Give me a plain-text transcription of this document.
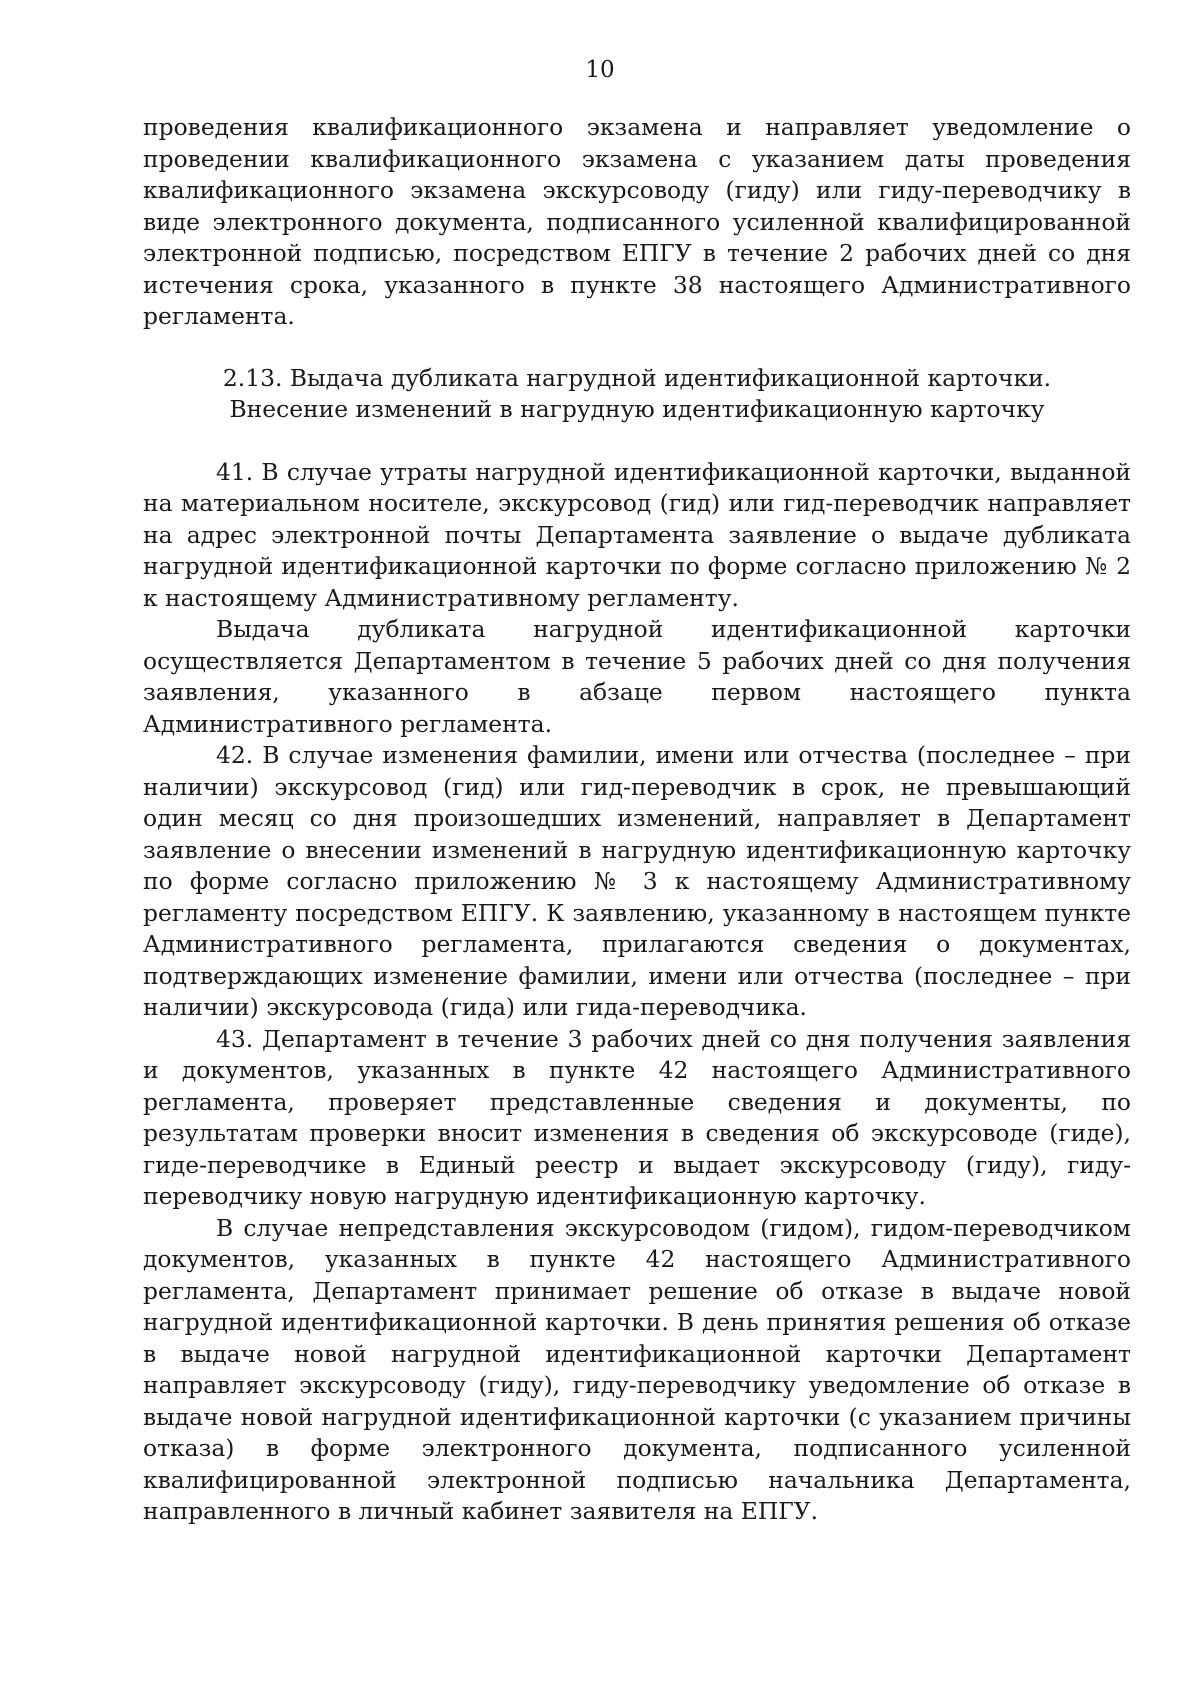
10

проведения квалификационного экзамена и направляет уведомление о проведении квалификационного экзамена с указанием даты проведения квалификационного экзамена экскурсоводу (гиду) или гиду-переводчику в виде электронного документа, подписанного усиленной квалифицированной электронной подписью, посредством ЕПГУ в течение 2 рабочих дней со дня истечения срока, указанного в пункте 38 настоящего Административного регламента.

2.13. Выдача дубликата нагрудной идентификационной карточки.
Внесение изменений в нагрудную идентификационную карточку

41. В случае утраты нагрудной идентификационной карточки, выданной на материальном носителе, экскурсовод (гид) или гид-переводчик направляет на адрес электронной почты Департамента заявление о выдаче дубликата нагрудной идентификационной карточки по форме согласно приложению № 2 к настоящему Административному регламенту.

Выдача дубликата нагрудной идентификационной карточки осуществляется Департаментом в течение 5 рабочих дней со дня получения заявления, указанного в абзаце первом настоящего пункта Административного регламента.

42. В случае изменения фамилии, имени или отчества (последнее – при наличии) экскурсовод (гид) или гид-переводчик в срок, не превышающий один месяц со дня произошедших изменений, направляет в Департамент заявление о внесении изменений в нагрудную идентификационную карточку по форме согласно приложению № 3 к настоящему Административному регламенту посредством ЕПГУ. К заявлению, указанному в настоящем пункте Административного регламента, прилагаются сведения о документах, подтверждающих изменение фамилии, имени или отчества (последнее – при наличии) экскурсовода (гида) или гида-переводчика.

43. Департамент в течение 3 рабочих дней со дня получения заявления и документов, указанных в пункте 42 настоящего Административного регламента, проверяет представленные сведения и документы, по результатам проверки вносит изменения в сведения об экскурсоводе (гиде), гиде-переводчике в Единый реестр и выдает экскурсоводу (гиду), гиду-переводчику новую нагрудную идентификационную карточку.

В случае непредставления экскурсоводом (гидом), гидом-переводчиком документов, указанных в пункте 42 настоящего Административного регламента, Департамент принимает решение об отказе в выдаче новой нагрудной идентификационной карточки. В день принятия решения об отказе в выдаче новой нагрудной идентификационной карточки Департамент направляет экскурсоводу (гиду), гиду-переводчику уведомление об отказе в выдаче новой нагрудной идентификационной карточки (с указанием причины отказа) в форме электронного документа, подписанного усиленной квалифицированной электронной подписью начальника Департамента, направленного в личный кабинет заявителя на ЕПГУ.
